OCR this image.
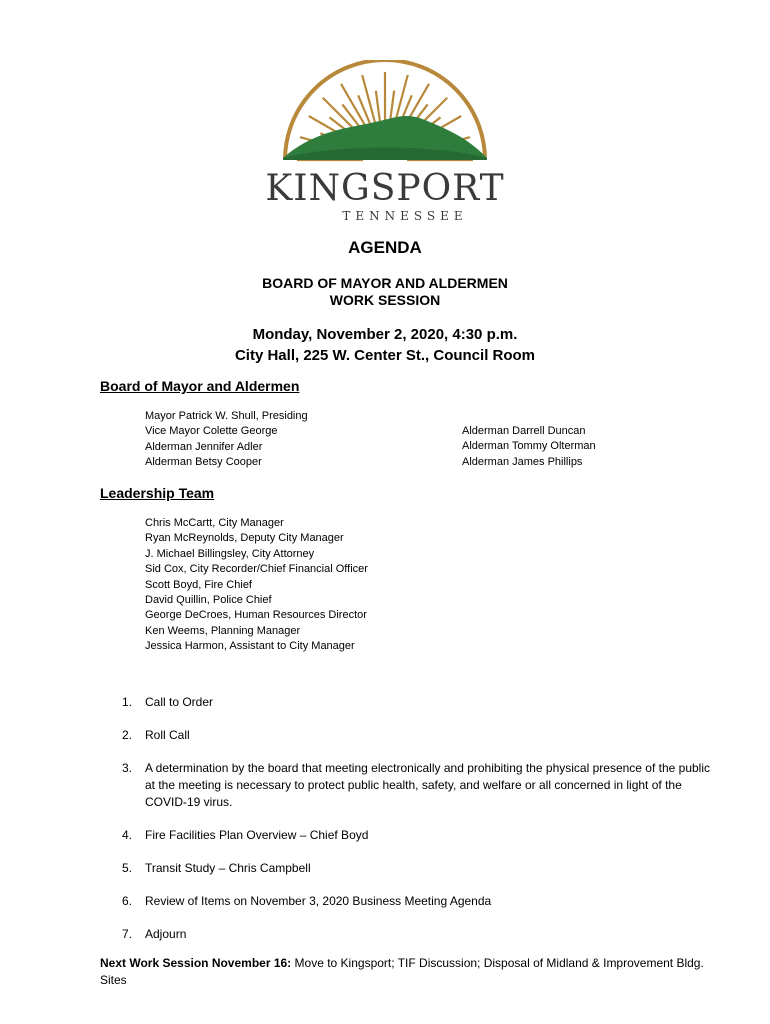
KINGSPORT
TENNESSEE
AGENDA
BOARD OF MAYOR AND ALDERMEN
WORK SESSION
Monday, November 2, 2020, 4:30 p.m.
City Hall, 225 W. Center St., Council Room
Board of Mayor and Aldermen
Mayor Patrick W. Shull, Presiding
Vice Mayor Colette George
Alderman Jennifer Adler
Alderman Betsy Cooper
Alderman Darrell Duncan
Alderman Tommy Olterman
Alderman James Phillips
Leadership Team
Chris McCartt, City Manager
Ryan McReynolds, Deputy City Manager
J. Michael Billingsley, City Attorney
Sid Cox, City Recorder/Chief Financial Officer
Scott Boyd, Fire Chief
David Quillin, Police Chief
George DeCroes, Human Resources Director
Ken Weems, Planning Manager
Jessica Harmon, Assistant to City Manager
1. Call to Order
2. Roll Call
3. A determination by the board that meeting electronically and prohibiting the physical presence of the public at the meeting is necessary to protect public health, safety, and welfare or all concerned in light of the COVID-19 virus.
4. Fire Facilities Plan Overview – Chief Boyd
5. Transit Study – Chris Campbell
6. Review of Items on November 3, 2020 Business Meeting Agenda
7. Adjourn
Next Work Session November 16: Move to Kingsport; TIF Discussion; Disposal of Midland & Improvement Bldg. Sites
